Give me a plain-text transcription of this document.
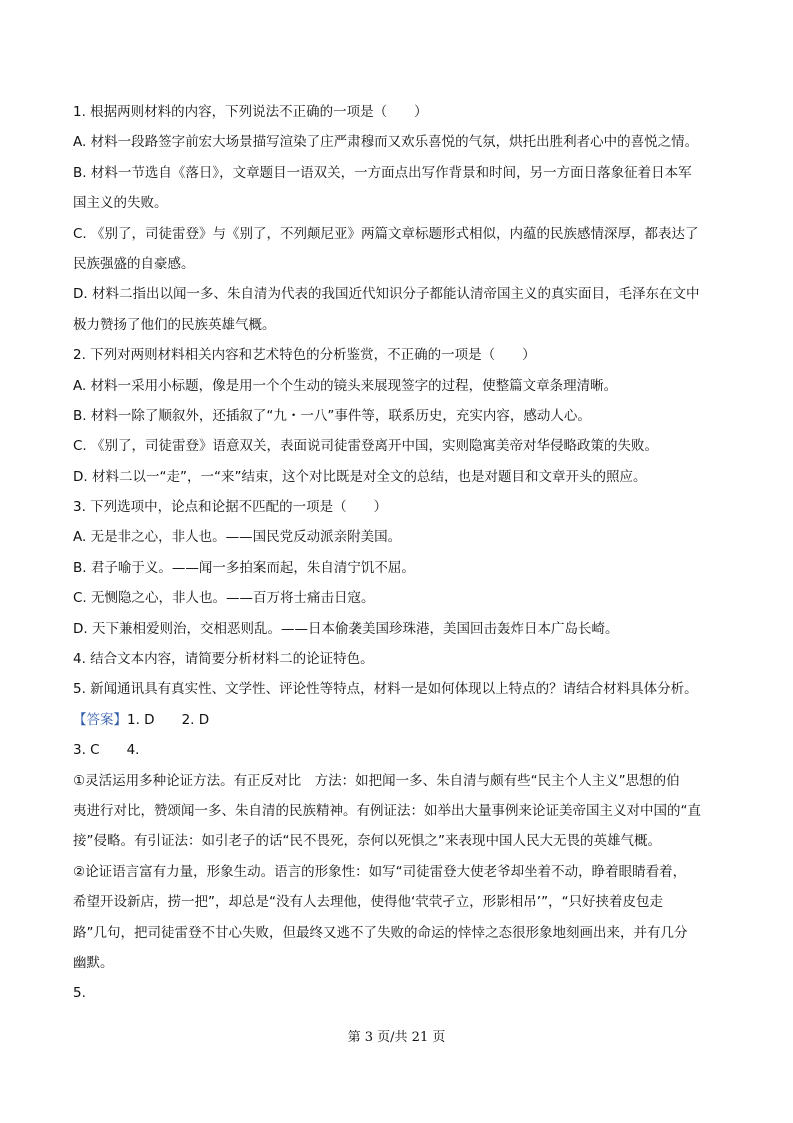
1. 根据两则材料的内容，下列说法不正确的一项是（　　）
A. 材料一段路签字前宏大场景描写渲染了庄严肃穆而又欢乐喜悦的气氛，烘托出胜利者心中的喜悦之情。
B. 材料一节选自《落日》，文章题目一语双关，一方面点出写作背景和时间，另一方面日落象征着日本军
国主义的失败。
C. 《别了，司徒雷登》与《别了，不列颠尼亚》两篇文章标题形式相似，内蕴的民族感情深厚，都表达了
民族强盛的自豪感。
D. 材料二指出以闻一多、朱自清为代表的我国近代知识分子都能认清帝国主义的真实面目，毛泽东在文中
极力赞扬了他们的民族英雄气概。
2. 下列对两则材料相关内容和艺术特色的分析鉴赏，不正确的一项是（　　）
A. 材料一采用小标题，像是用一个个生动的镜头来展现签字的过程，使整篇文章条理清晰。
B. 材料一除了顺叙外，还插叙了“九・一八”事件等，联系历史，充实内容，感动人心。
C. 《别了，司徒雷登》语意双关，表面说司徒雷登离开中国，实则隐寓美帝对华侵略政策的失败。
D. 材料二以一“走”，一“来”结束，这个对比既是对全文的总结，也是对题目和文章开头的照应。
3. 下列选项中，论点和论据不匹配的一项是（　　）
A. 无是非之心，非人也。——国民党反动派亲附美国。
B. 君子喻于义。——闻一多拍案而起，朱自清宁饥不屈。
C. 无恻隐之心，非人也。——百万将士痛击日寇。
D. 天下兼相爱则治，交相恶则乱。——日本偷袭美国珍珠港，美国回击轰炸日本广岛长崎。
4. 结合文本内容，请简要分析材料二的论证特色。
5. 新闻通讯具有真实性、文学性、评论性等特点，材料一是如何体现以上特点的？请结合材料具体分析。
【答案】1. D　　2. D
3. C　　4.
①灵活运用多种论证方法。有正反对比　方法：如把闻一多、朱自清与颇有些“民主个人主义”思想的伯
夷进行对比，赞颂闻一多、朱自清的民族精神。有例证法：如举出大量事例来论证美帝国主义对中国的“直
接”侵略。有引证法：如引老子的话“民不畏死，奈何以死惧之”来表现中国人民大无畏的英雄气概。
②论证语言富有力量，形象生动。语言的形象性：如写“司徒雷登大使老爷却坐着不动，睁着眼睛看着，
希望开设新店，捞一把”，却总是“没有人去理他，使得他‘茕茕孑立，形影相吊’”，“只好挟着皮包走
路”几句，把司徒雷登不甘心失败，但最终又逃不了失败的命运的悻悻之态很形象地刻画出来，并有几分
幽默。
5.
第 3 页/共 21 页
